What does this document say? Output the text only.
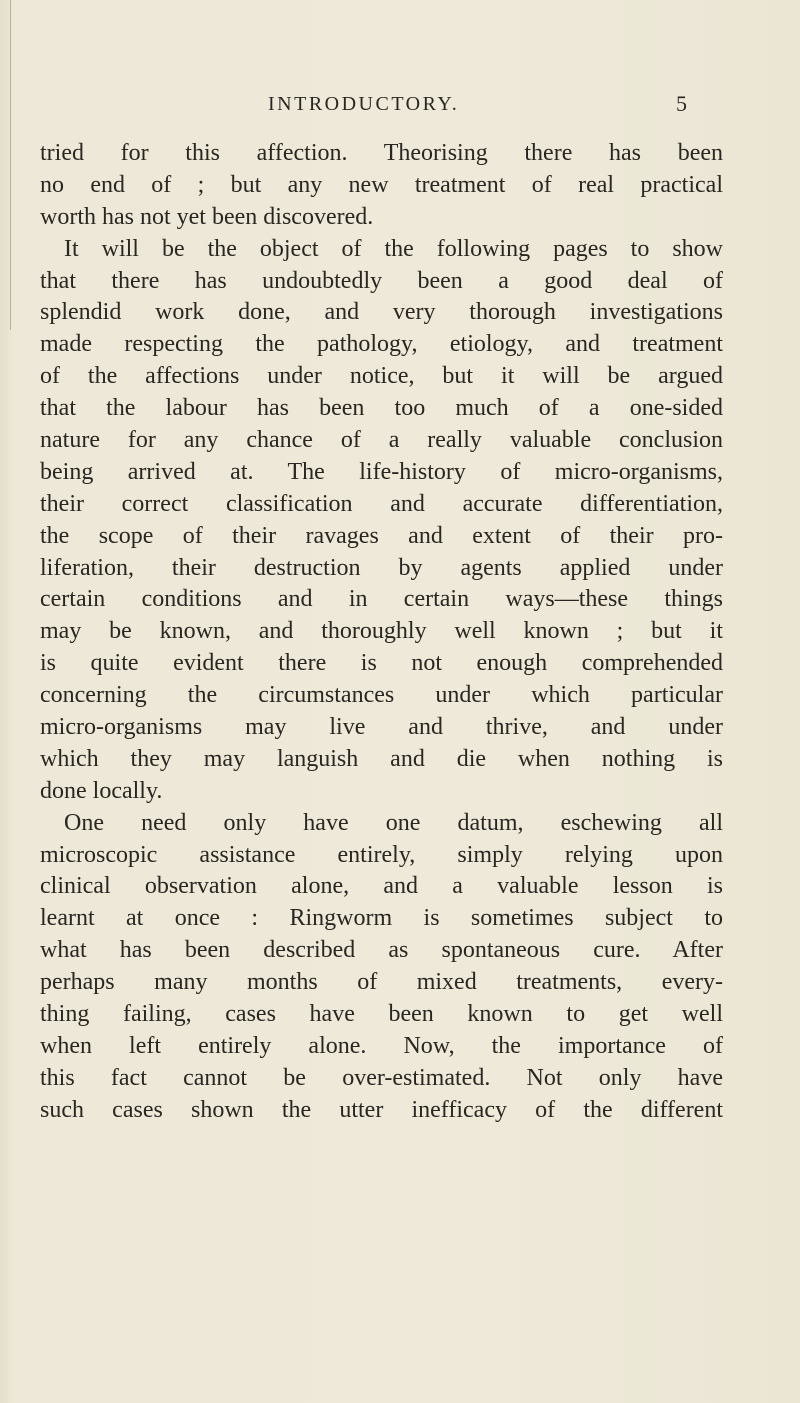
INTRODUCTORY.	5
tried for this affection. Theorising there has been
no end of ; but any new treatment of real practical
worth has not yet been discovered.
It will be the object of the following pages to show
that there has undoubtedly been a good deal of
splendid work done, and very thorough investigations
made respecting the pathology, etiology, and treatment
of the affections under notice, but it will be argued
that the labour has been too much of a one-sided
nature for any chance of a really valuable conclusion
being arrived at. The life-history of micro-organisms,
their correct classification and accurate differentiation,
the scope of their ravages and extent of their pro-
liferation, their destruction by agents applied under
certain conditions and in certain ways—these things
may be known, and thoroughly well known ; but it
is quite evident there is not enough comprehended
concerning the circumstances under which particular
micro-organisms may live and thrive, and under
which they may languish and die when nothing is
done locally.
One need only have one datum, eschewing all
microscopic assistance entirely, simply relying upon
clinical observation alone, and a valuable lesson is
learnt at once : Ringworm is sometimes subject to
what has been described as spontaneous cure. After
perhaps many months of mixed treatments, every-
thing failing, cases have been known to get well
when left entirely alone. Now, the importance of
this fact cannot be over-estimated. Not only have
such cases shown the utter inefficacy of the different
